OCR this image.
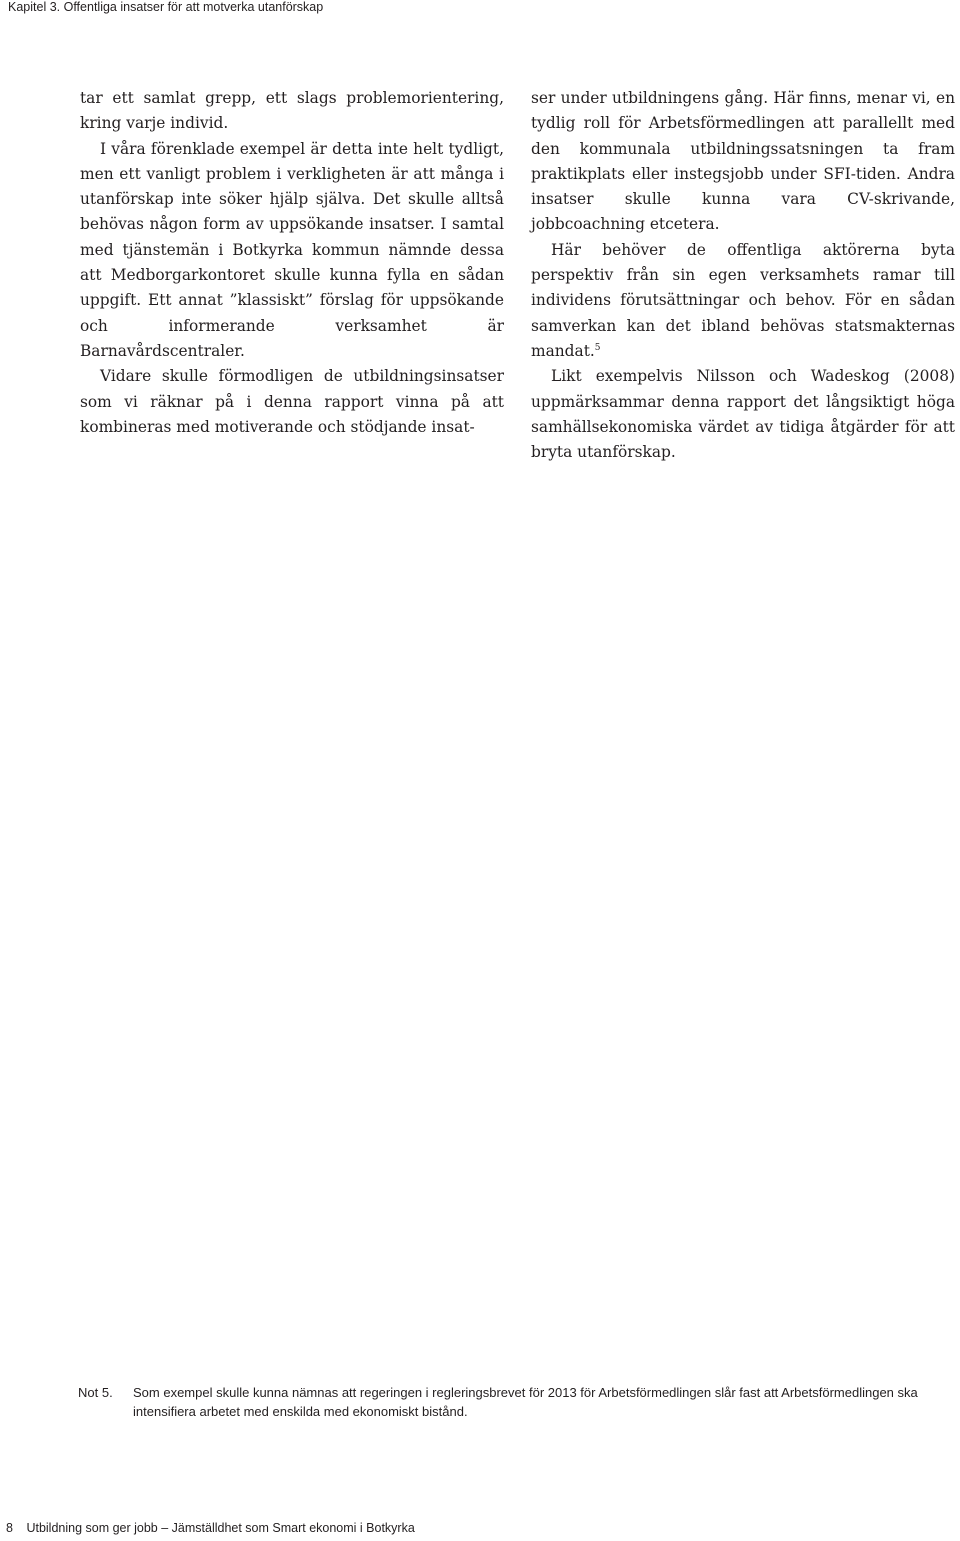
Kapitel 3. Offentliga insatser för att motverka utanförskap

tar ett samlat grepp, ett slags problemorientering, kring varje individ.

I våra förenklade exempel är detta inte helt tydligt, men ett vanligt problem i verkligheten är att många i utanförskap inte söker hjälp själva. Det skulle alltså behövas någon form av uppsökande insatser. I samtal med tjänstemän i Botkyrka kommun nämnde dessa att Medborgarkontoret skulle kunna fylla en sådan uppgift. Ett annat ”klassiskt” förslag för uppsökande och informerande verksamhet är Barnavårdscentraler.

Vidare skulle förmodligen de utbildningsinsatser som vi räknar på i denna rapport vinna på att kombineras med motiverande och stödjande insat-

ser under utbildningens gång. Här finns, menar vi, en tydlig roll för Arbetsförmedlingen att parallellt med den kommunala utbildningssatsningen ta fram praktikplats eller instegsjobb under SFI-tiden. Andra insatser skulle kunna vara CV-skrivande, jobbcoachning etcetera.

Här behöver de offentliga aktörerna byta perspektiv från sin egen verksamhets ramar till individens förutsättningar och behov. För en sådan samverkan kan det ibland behövas statsmakternas mandat.$^5$

Likt exempelvis Nilsson och Wadeskog (2008) uppmärksammar denna rapport det långsiktigt höga samhällsekonomiska värdet av tidiga åtgärder för att bryta utanförskap.

Not 5.	Som exempel skulle kunna nämnas att regeringen i regleringsbrevet för 2013 för Arbetsförmedlingen slår fast att Arbetsförmedlingen ska intensifiera arbetet med enskilda med ekonomiskt bistånd.
8 Utbildning som ger jobb – Jämställdhet som Smart ekonomi i Botkyrka
